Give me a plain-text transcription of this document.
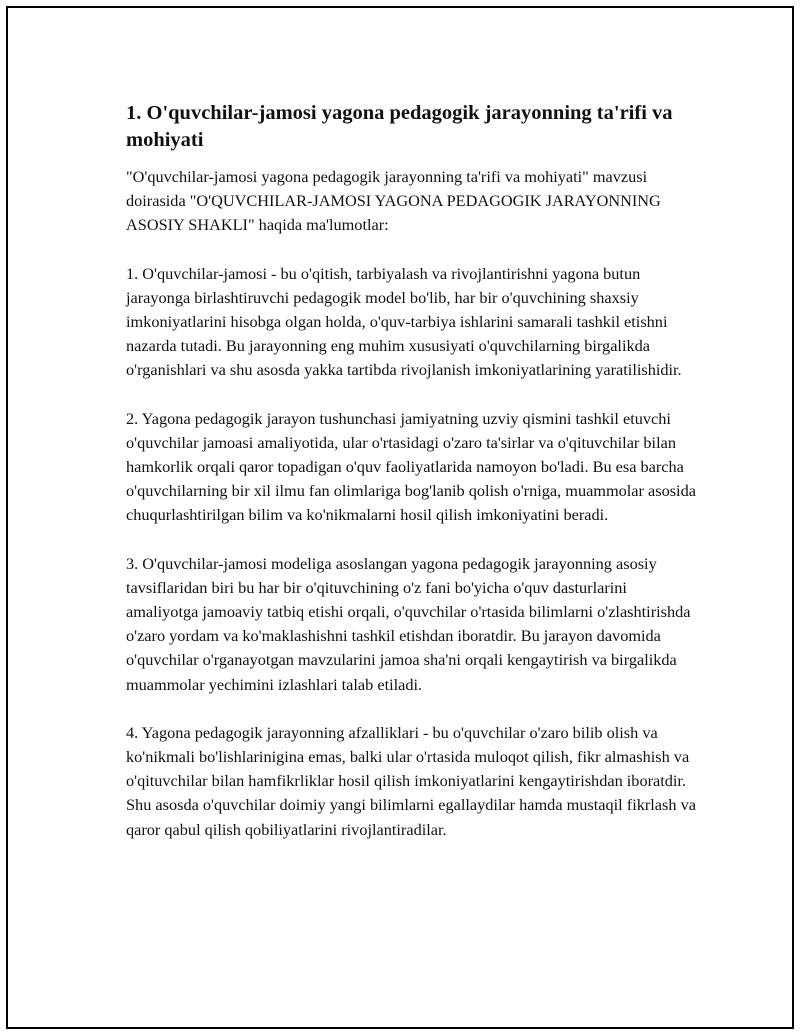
1. O'quvchilar-jamosi yagona pedagogik jarayonning ta'rifi va mohiyati

"O'quvchilar-jamosi yagona pedagogik jarayonning ta'rifi va mohiyati" mavzusi doirasida "O'QUVCHILAR-JAMOSI YAGONA PEDAGOGIK JARAYONNING ASOSIY SHAKLI" haqida ma'lumotlar:

1. O'quvchilar-jamosi - bu o'qitish, tarbiyalash va rivojlantirishni yagona butun jarayonga birlashtiruvchi pedagogik model bo'lib, har bir o'quvchining shaxsiy imkoniyatlarini hisobga olgan holda, o'quv-tarbiya ishlarini samarali tashkil etishni nazarda tutadi. Bu jarayonning eng muhim xususiyati o'quvchilarning birgalikda o'rganishlari va shu asosda yakka tartibda rivojlanish imkoniyatlarining yaratilishidir.

2. Yagona pedagogik jarayon tushunchasi jamiyatning uzviy qismini tashkil etuvchi o'quvchilar jamoasi amaliyotida, ular o'rtasidagi o'zaro ta'sirlar va o'qituvchilar bilan hamkorlik orqali qaror topadigan o'quv faoliyatlarida namoyon bo'ladi. Bu esa barcha o'quvchilarning bir xil ilmu fan olimlariga bog'lanib qolish o'rniga, muammolar asosida chuqurlashtirilgan bilim va ko'nikmalarni hosil qilish imkoniyatini beradi.

3. O'quvchilar-jamosi modeliga asoslangan yagona pedagogik jarayonning asosiy tavsiflaridan biri bu har bir o'qituvchining o'z fani bo'yicha o'quv dasturlarini amaliyotga jamoaviy tatbiq etishi orqali, o'quvchilar o'rtasida bilimlarni o'zlashtirishda o'zaro yordam va ko'maklashishni tashkil etishdan iboratdir. Bu jarayon davomida o'quvchilar o'rganayotgan mavzularini jamoa sha'ni orqali kengaytirish va birgalikda muammolar yechimini izlashlari talab etiladi.

4. Yagona pedagogik jarayonning afzalliklari - bu o'quvchilar o'zaro bilib olish va ko'nikmali bo'lishlarinigina emas, balki ular o'rtasida muloqot qilish, fikr almashish va o'qituvchilar bilan hamfikrliklar hosil qilish imkoniyatlarini kengaytirishdan iboratdir. Shu asosda o'quvchilar doimiy yangi bilimlarni egallaydilar hamda mustaqil fikrlash va qaror qabul qilish qobiliyatlarini rivojlantiradilar.
